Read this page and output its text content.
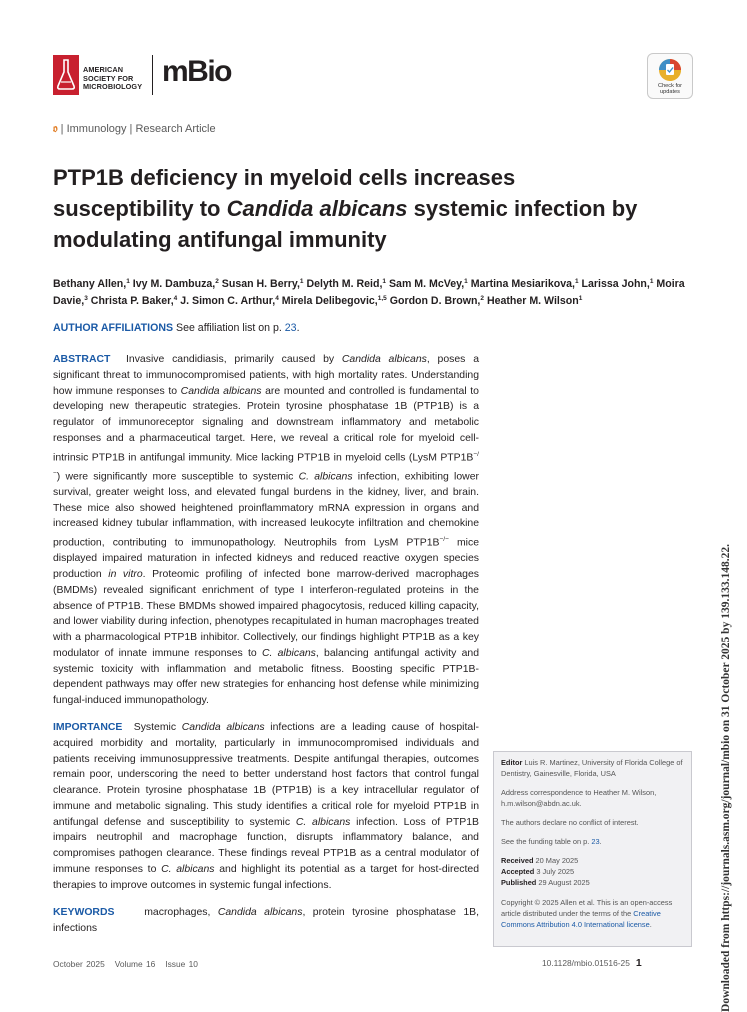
AMERICAN
SOCIETY FOR
MICROBIOLOGY mBio	Check for
updates
𝔬 | Immunology | Research Article
PTP1B deficiency in myeloid cells increases susceptibility to Candida albicans systemic infection by modulating antifungal immunity
Bethany Allen,$^1$ Ivy M. Dambuza,$^2$ Susan H. Berry,$^1$ Delyth M. Reid,$^1$ Sam M. McVey,$^1$ Martina Mesiarikova,$^1$ Larissa John,$^1$ Moira Davie,$^3$ Christa P. Baker,$^4$ J. Simon C. Arthur,$^4$ Mirela Delibegovic,$^{1,5}$ Gordon D. Brown,$^2$ Heather M. Wilson$^1$
AUTHOR AFFILIATIONS See affiliation list on p. 23.
ABSTRACT Invasive candidiasis, primarily caused by Candida albicans, poses a significant threat to immunocompromised patients, with high mortality rates. Understanding how immune responses to Candida albicans are mounted and controlled is fundamental to developing new therapeutic strategies. Protein tyrosine phosphatase 1B (PTP1B) is a regulator of immunoreceptor signaling and downstream inflammatory and metabolic responses and a pharmaceutical target. Here, we reveal a critical role for myeloid cell-intrinsic PTP1B in antifungal immunity. Mice lacking PTP1B in myeloid cells (LysM PTP1B−/−) were significantly more susceptible to systemic C. albicans infection, exhibiting lower survival, greater weight loss, and elevated fungal burdens in the kidney, liver, and brain. These mice also showed heightened proinflammatory mRNA expression in organs and increased kidney tubular inflammation, with increased leukocyte infiltration and chemokine production, contributing to immunopathology. Neutrophils from LysM PTP1B−/− mice displayed impaired maturation in infected kidneys and reduced reactive oxygen species production in vitro. Proteomic profiling of infected bone marrow-derived macrophages (BMDMs) revealed significant enrichment of type I interferon-regulated proteins in the absence of PTP1B. These BMDMs showed impaired phagocytosis, reduced killing capacity, and lower viability during infection, phenotypes recapitulated in human macrophages treated with a pharmacological PTP1B inhibitor. Collectively, our findings highlight PTP1B as a key modulator of innate immune responses to C. albicans, balancing antifungal activity and systemic toxicity with inflammation and metabolic fitness. Boosting specific PTP1B-dependent pathways may offer new strategies for enhancing host defense while minimizing fungal-induced immunopathology.
IMPORTANCE Systemic Candida albicans infections are a leading cause of hospital-acquired morbidity and mortality, particularly in immunocompromised individuals and patients receiving immunosuppressive treatments. Despite antifungal therapies, outcomes remain poor, underscoring the need to better understand host factors that control fungal clearance. Protein tyrosine phosphatase 1B (PTP1B) is a key intracellular regulator of immune and metabolic signaling. This study identifies a critical role for myeloid PTP1B in antifungal defense and susceptibility to systemic C. albicans infection. Loss of PTP1B impairs neutrophil and macrophage function, disrupts inflammatory balance, and compromises pathogen clearance. These findings reveal PTP1B as a central modulator of immune responses to C. albicans and highlight its potential as a target for host-directed therapies to improve outcomes in systemic fungal infections.
KEYWORDS	macrophages, Candida albicans, protein tyrosine phosphatase 1B, infections

Editor Luis R. Martinez, University of Florida College of Dentistry, Gainesville, Florida, USA

Address correspondence to Heather M. Wilson, h.m.wilson@abdn.ac.uk.

The authors declare no conflict of interest.

See the funding table on p. 23.

Received 20 May 2025
Accepted 3 July 2025
Published 29 August 2025

Copyright © 2025 Allen et al. This is an open-access article distributed under the terms of the Creative Commons Attribution 4.0 International license.

October 2025 Volume 16 Issue 10	10.1128/mbio.01516-25 1	Downloaded from https://journals.asm.org/journal/mbio on 31 October 2025 by 139.133.148.22.
